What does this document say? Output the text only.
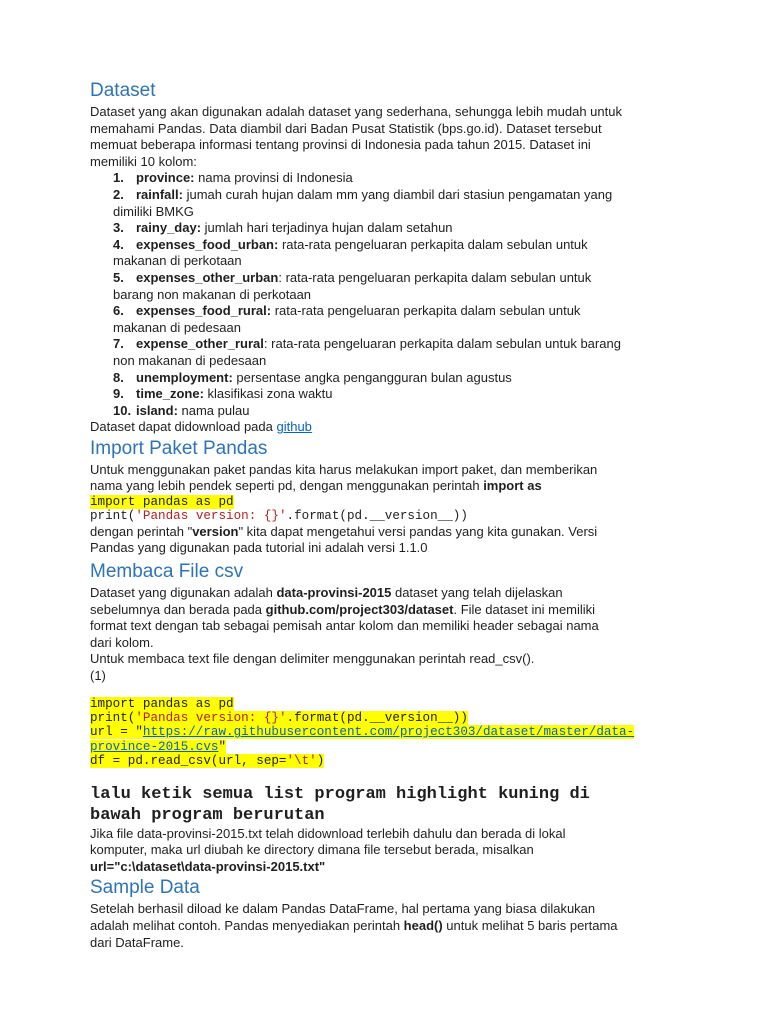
Dataset

Dataset yang akan digunakan adalah dataset yang sederhana, sehungga lebih mudah untuk

memahami Pandas. Data diambil dari Badan Pusat Statistik (bps.go.id). Dataset tersebut

memuat beberapa informasi tentang provinsi di Indonesia pada tahun 2015. Dataset ini

memiliki 10 kolom:

1. province: nama provinsi di Indonesia
2. rainfall: jumah curah hujan dalam mm yang diambil dari stasiun pengamatan yang
dimiliki BMKG
3. rainy_day: jumlah hari terjadinya hujan dalam setahun
4. expenses_food_urban: rata-rata pengeluaran perkapita dalam sebulan untuk
makanan di perkotaan
5. expenses_other_urban: rata-rata pengeluaran perkapita dalam sebulan untuk
barang non makanan di perkotaan
6. expenses_food_rural: rata-rata pengeluaran perkapita dalam sebulan untuk
makanan di pedesaan
7. expense_other_rural: rata-rata pengeluaran perkapita dalam sebulan untuk barang
non makanan di pedesaan
8. unemployment: persentase angka pengangguran bulan agustus
9. time_zone: klasifikasi zona waktu
10. island: nama pulau

Dataset dapat didownload pada github

Import Paket Pandas

Untuk menggunakan paket pandas kita harus melakukan import paket, dan memberikan

nama yang lebih pendek seperti pd, dengan menggunakan perintah import as

import pandas as pd
print('Pandas version: {}'.format(pd.__version__))

dengan perintah "version" kita dapat mengetahui versi pandas yang kita gunakan. Versi

Pandas yang digunakan pada tutorial ini adalah versi 1.1.0

Membaca File csv

Dataset yang digunakan adalah data-provinsi-2015 dataset yang telah dijelaskan

sebelumnya dan berada pada github.com/project303/dataset. File dataset ini memiliki

format text dengan tab sebagai pemisah antar kolom dan memiliki header sebagai nama

dari kolom.

Untuk membaca text file dengan delimiter menggunakan perintah read_csv().

(1)

import pandas as pd
print('Pandas version: {}'.format(pd.__version__))
url = "https://raw.githubusercontent.com/project303/dataset/master/data-
province-2015.cvs"
df = pd.read_csv(url, sep='\t')

lalu ketik semua list program highlight kuning di

bawah program berurutan

Jika file data-provinsi-2015.txt telah didownload terlebih dahulu dan berada di lokal

komputer, maka url diubah ke directory dimana file tersebut berada, misalkan

url="c:\dataset\data-provinsi-2015.txt"

Sample Data

Setelah berhasil diload ke dalam Pandas DataFrame, hal pertama yang biasa dilakukan

adalah melihat contoh. Pandas menyediakan perintah head() untuk melihat 5 baris pertama

dari DataFrame.
